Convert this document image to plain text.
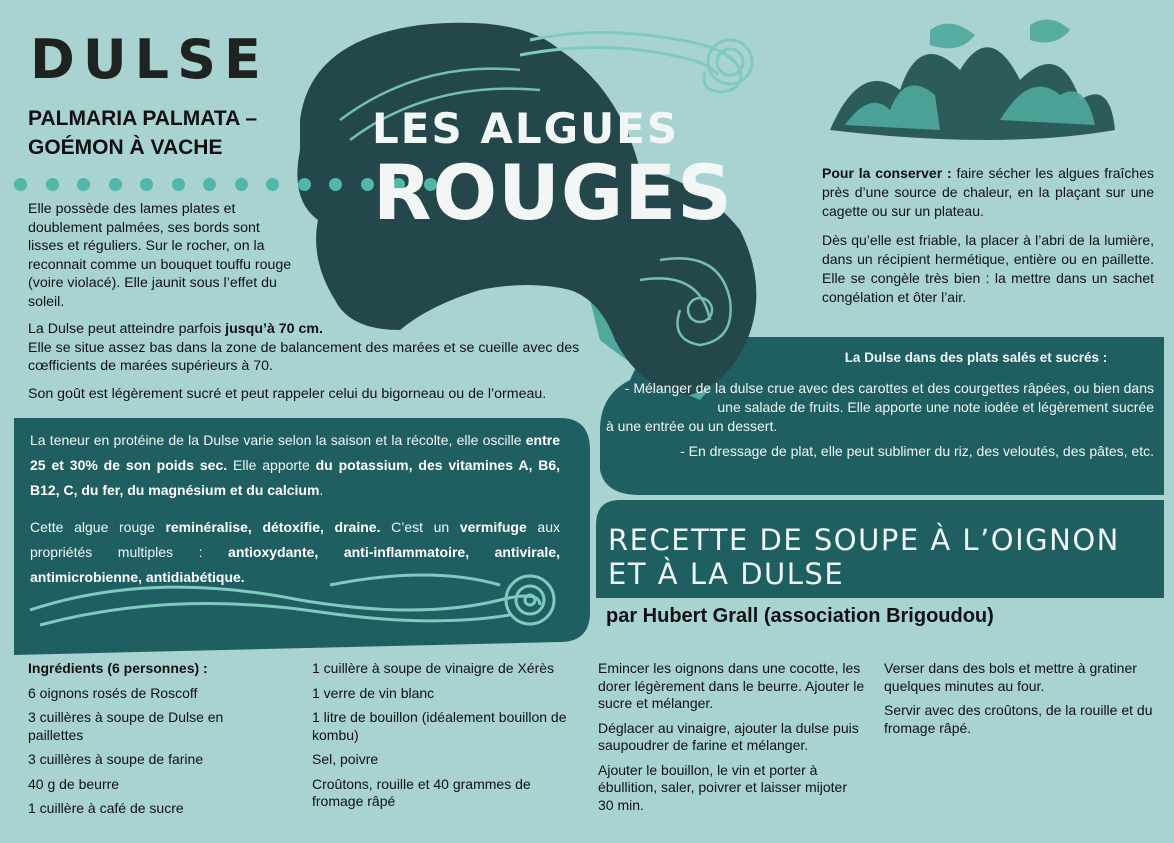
DULSE
PALMARIA PALMATA –
GOÉMON À VACHE	LES ALGUES
ROUGES

Elle possède des lames plates et doublement palmées, ses bords sont lisses et réguliers. Sur le rocher, on la reconnait comme un bouquet touffu rouge (voire violacé). Elle jaunit sous l’effet du soleil.

La Dulse peut atteindre parfois jusqu’à 70 cm.
Elle se situe assez bas dans la zone de balancement des marées et se cueille avec des cœfficients de marées supérieurs à 70.

Son goût est légèrement sucré et peut rappeler celui du bigorneau ou de l’ormeau.

La teneur en protéine de la Dulse varie selon la saison et la récolte, elle oscille entre 25 et 30% de son poids sec. Elle apporte du potassium, des vitamines A, B6, B12, C, du fer, du magnésium et du calcium.

Cette algue rouge reminéralise, détoxifie, draine. C’est un vermifuge aux propriétés multiples : antioxydante, anti-inflammatoire, antivirale, antimicrobienne, antidiabétique.

Pour la conserver : faire sécher les algues fraîches près d’une source de chaleur, en la plaçant sur une cagette ou sur un plateau.

Dès qu’elle est friable, la placer à l’abri de la lumière, dans un récipient hermétique, entière ou en paillette. Elle se congèle très bien : la mettre dans un sachet congélation et ôter l’air.

La Dulse dans des plats salés et sucrés :

- Mélanger de la dulse crue avec des carottes et des courgettes râpées, ou bien dans une salade de fruits. Elle apporte une note iodée et légèrement sucrée

à une entrée ou un dessert.

- En dressage de plat, elle peut sublimer du riz, des veloutés, des pâtes, etc.

RECETTE DE SOUPE À L’OIGNON
ET À LA DULSE
par Hubert Grall (association Brigoudou)

Ingrédients (6 personnes) :

6 oignons rosés de Roscoff

3 cuillères à soupe de Dulse en paillettes

3 cuillères à soupe de farine

40 g de beurre

1 cuillère à café de sucre

1 cuillère à soupe de vinaigre de Xérès

1 verre de vin blanc

1 litre de bouillon (idéalement bouillon de kombu)

Sel, poivre

Croûtons, rouille et 40 grammes de fromage râpé

Emincer les oignons dans une cocotte, les dorer légèrement dans le beurre. Ajouter le sucre et mélanger.

Déglacer au vinaigre, ajouter la dulse puis saupoudrer de farine et mélanger.

Ajouter le bouillon, le vin et porter à ébullition, saler, poivrer et laisser mijoter 30 min.

Verser dans des bols et mettre à gratiner quelques minutes au four.

Servir avec des croûtons, de la rouille et du fromage râpé.
